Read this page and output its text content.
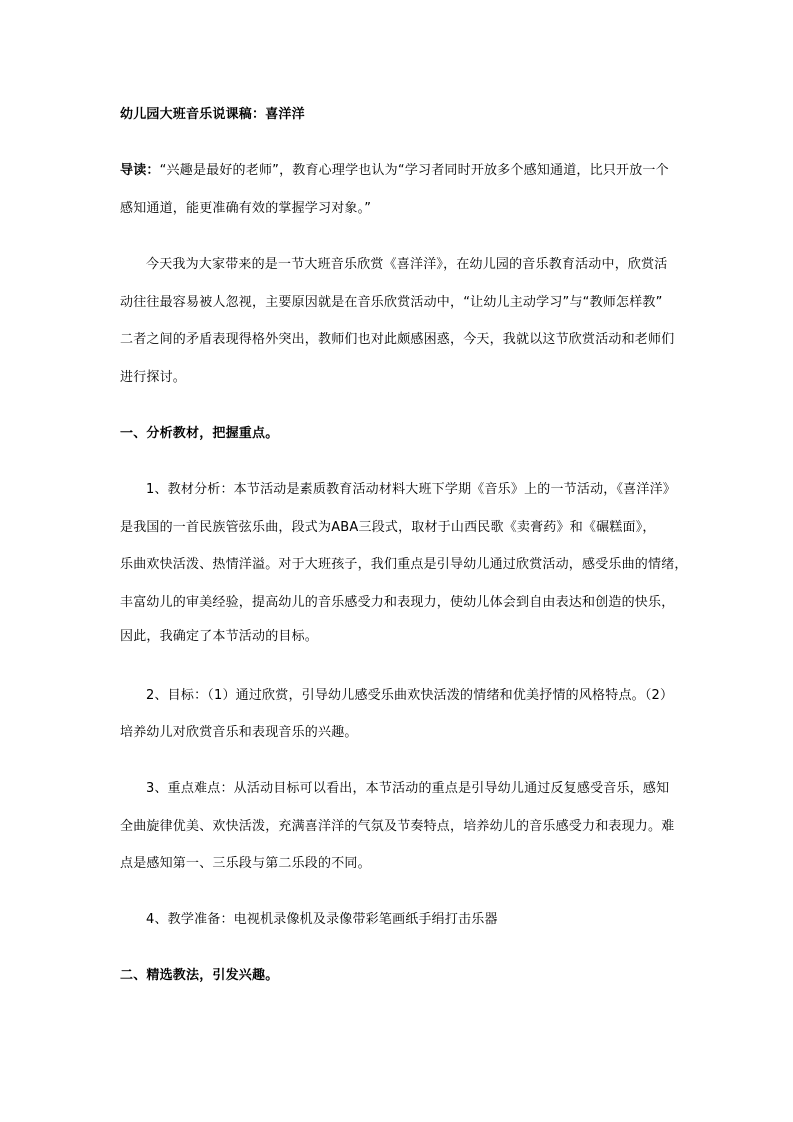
幼儿园大班音乐说课稿：喜洋洋
导读：“兴趣是最好的老师”，教育心理学也认为“学习者同时开放多个感知通道，比只开放一个
感知通道，能更准确有效的掌握学习对象。”
今天我为大家带来的是一节大班音乐欣赏《喜洋洋》，在幼儿园的音乐教育活动中，欣赏活
动往往最容易被人忽视，主要原因就是在音乐欣赏活动中，“让幼儿主动学习”与“教师怎样教”
二者之间的矛盾表现得格外突出，教师们也对此颇感困惑，今天，我就以这节欣赏活动和老师们
进行探讨。
一、分析教材，把握重点。
1、教材分析：本节活动是素质教育活动材料大班下学期《音乐》上的一节活动，《喜洋洋》
是我国的一首民族管弦乐曲，段式为ABA三段式，取材于山西民歌《卖膏药》和《碾糕面》，
乐曲欢快活泼、热情洋溢。对于大班孩子，我们重点是引导幼儿通过欣赏活动，感受乐曲的情绪，
丰富幼儿的审美经验，提高幼儿的音乐感受力和表现力，使幼儿体会到自由表达和创造的快乐，
因此，我确定了本节活动的目标。
2、目标：（1）通过欣赏，引导幼儿感受乐曲欢快活泼的情绪和优美抒情的风格特点。（2）
培养幼儿对欣赏音乐和表现音乐的兴趣。
3、重点难点：从活动目标可以看出，本节活动的重点是引导幼儿通过反复感受音乐，感知
全曲旋律优美、欢快活泼，充满喜洋洋的气氛及节奏特点，培养幼儿的音乐感受力和表现力。难
点是感知第一、三乐段与第二乐段的不同。
4、教学准备：电视机录像机及录像带彩笔画纸手绢打击乐器
二、精选教法，引发兴趣。
